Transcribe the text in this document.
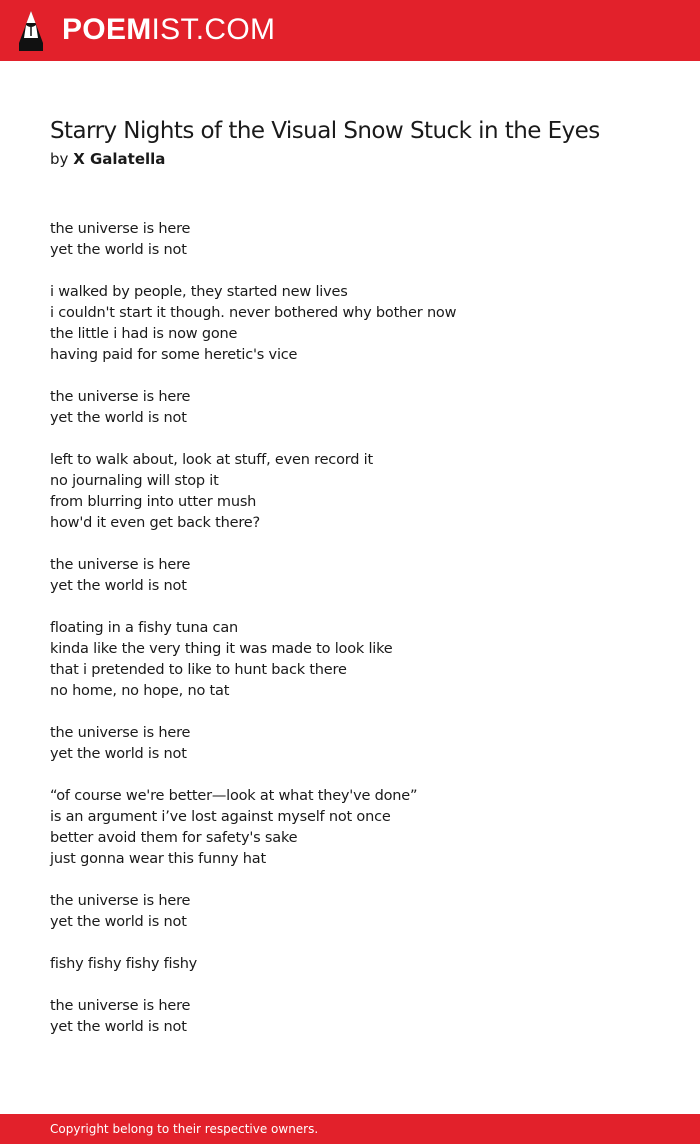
POEMIST.COM
Starry Nights of the Visual Snow Stuck in the Eyes
by X Galatella
the universe is here
yet the world is not
i walked by people, they started new lives
i couldn't start it though. never bothered why bother now
the little i had is now gone
having paid for some heretic's vice
the universe is here
yet the world is not
left to walk about, look at stuff, even record it
no journaling will stop it
from blurring into utter mush
how'd it even get back there?
the universe is here
yet the world is not
floating in a fishy tuna can
kinda like the very thing it was made to look like
that i pretended to like to hunt back there
no home, no hope, no tat
the universe is here
yet the world is not
“of course we're better—look at what they've done”
is an argument i’ve lost against myself not once
better avoid them for safety's sake
just gonna wear this funny hat
the universe is here
yet the world is not
fishy fishy fishy fishy
the universe is here
yet the world is not
Copyright belong to their respective owners.
